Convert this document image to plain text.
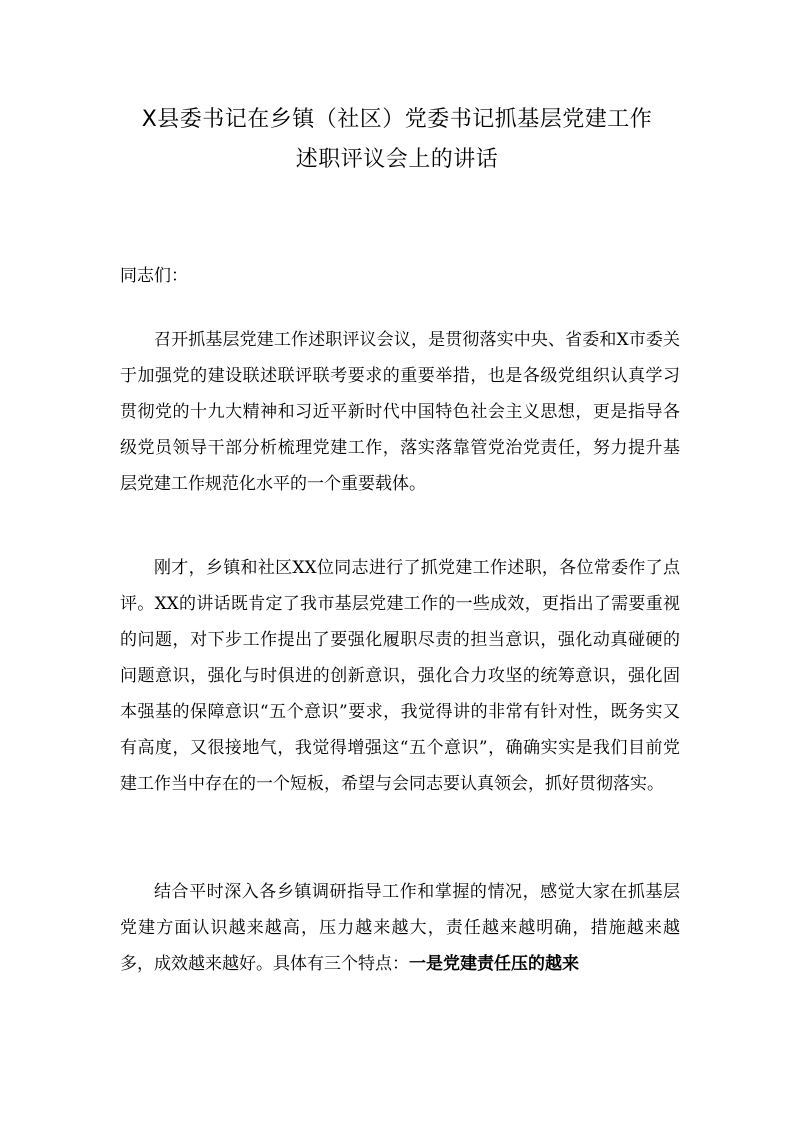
X县委书记在乡镇（社区）党委书记抓基层党建工作
述职评议会上的讲话
同志们：

召开抓基层党建工作述职评议会议，是贯彻落实中央、省委和X市委关于加强党的建设联述联评联考要求的重要举措，也是各级党组织认真学习贯彻党的十九大精神和习近平新时代中国特色社会主义思想，更是指导各级党员领导干部分析梳理党建工作，落实落靠管党治党责任，努力提升基层党建工作规范化水平的一个重要载体。

刚才，乡镇和社区XX位同志进行了抓党建工作述职，各位常委作了点评。XX的讲话既肯定了我市基层党建工作的一些成效，更指出了需要重视的问题，对下步工作提出了要强化履职尽责的担当意识，强化动真碰硬的问题意识，强化与时俱进的创新意识，强化合力攻坚的统筹意识，强化固本强基的保障意识“五个意识”要求，我觉得讲的非常有针对性，既务实又有高度，又很接地气，我觉得增强这“五个意识”，确确实实是我们目前党建工作当中存在的一个短板，希望与会同志要认真领会，抓好贯彻落实。

结合平时深入各乡镇调研指导工作和掌握的情况，感觉大家在抓基层党建方面认识越来越高，压力越来越大，责任越来越明确，措施越来越多，成效越来越好。具体有三个特点：一是党建责任压的越来
